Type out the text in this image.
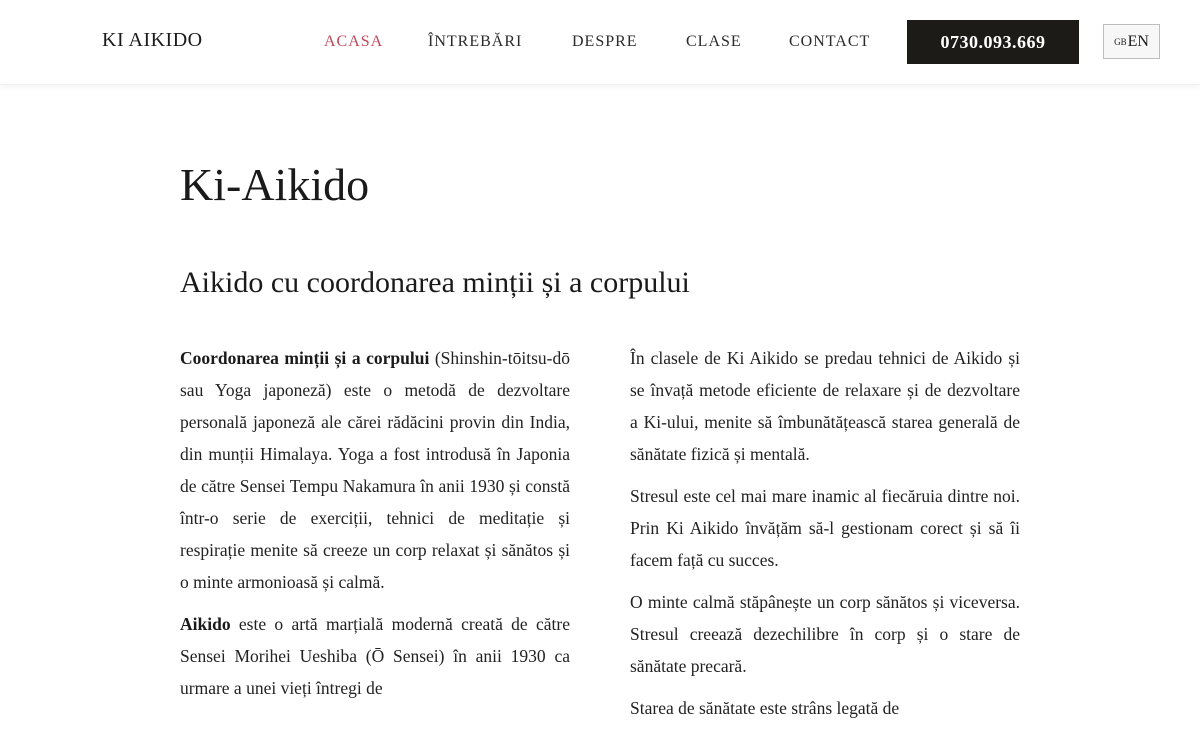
KI AIKIDO	ACASA	ÎNTREBĂRI	DESPRE	CLASE	CONTACT	0730.093.669	GB EN
Ki-Aikido
Aikido cu coordonarea minții și a corpului

Coordonarea minții și a corpului (Shinshin-tōitsu-dō sau Yoga japoneză) este o metodă de dezvoltare personală japoneză ale cărei rădăcini provin din India, din munții Himalaya. Yoga a fost introdusă în Japonia de către Sensei Tempu Nakamura în anii 1930 și constă într-o serie de exerciții, tehnici de meditație și respirație menite să creeze un corp relaxat și sănătos și o minte armonioasă și calmă.

Aikido este o artă marțială modernă creată de către Sensei Morihei Ueshiba (Ō Sensei) în anii 1930 ca urmare a unei vieți întregi de

În clasele de Ki Aikido se predau tehnici de Aikido și se învață metode eficiente de relaxare și de dezvoltare a Ki-ului, menite să îmbunătățească starea generală de sănătate fizică și mentală.

Stresul este cel mai mare inamic al fiecăruia dintre noi. Prin Ki Aikido învățăm să-l gestionam corect și să îi facem față cu succes.

O minte calmă stăpânește un corp sănătos și viceversa. Stresul creează dezechilibre în corp și o stare de sănătate precară.

Starea de sănătate este strâns legată de
